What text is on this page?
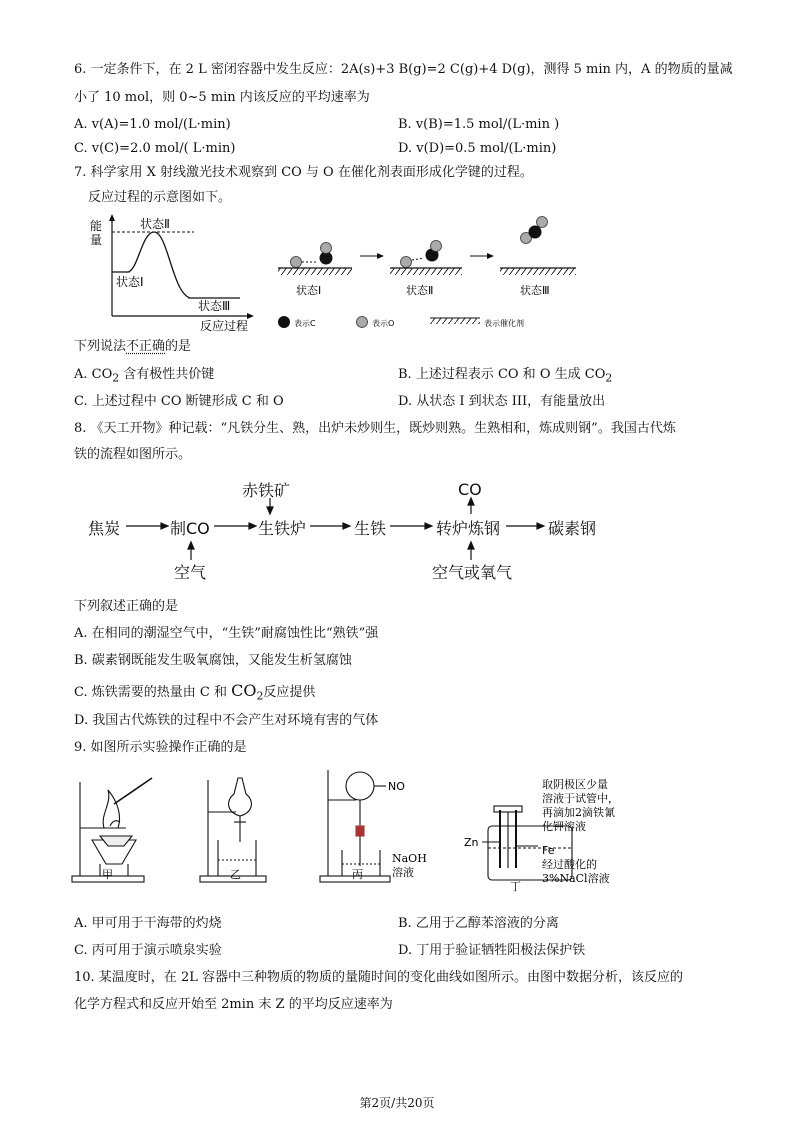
6. 一定条件下，在 2 L 密闭容器中发生反应：2A(s)+3 B(g)=2 C(g)+4 D(g)，测得 5 min 内，A 的物质的量减
小了 10 mol，则 0~5 min 内该反应的平均速率为
A. v(A)=1.0 mol/(L·min)	B. v(B)=1.5 mol/(L·min )
C. v(C)=2.0 mol/( L·min)	D. v(D)=0.5 mol/(L·min)
7. 科学家用 X 射线激光技术观察到 CO 与 O 在催化剂表面形成化学键的过程。
反应过程的示意图如下。
能
量
状态Ⅱ
状态Ⅰ
状态Ⅲ
反应过程
状态Ⅰ	状态Ⅱ	状态Ⅲ
表示C	表示O	表示催化剂
下列说法不正确的是
A. $CO_2$ 含有极性共价键	B. 上述过程表示 CO 和 O 生成 $CO_2$
C. 上述过程中 CO 断键形成 C 和 O	D. 从状态 I 到状态 III，有能量放出
8. 《天工开物》种记载：“凡铁分生、熟，出炉未炒则生，既炒则熟。生熟相和，炼成则钢”。我国古代炼
铁的流程如图所示。
焦炭	制CO	生铁炉	生铁	转炉炼钢	碳素钢
赤铁矿	CO
空气	空气或氧气
下列叙述正确的是
A. 在相同的潮湿空气中，“生铁”耐腐蚀性比“熟铁”强
B. 碳素钢既能发生吸氧腐蚀，又能发生析氢腐蚀
C. 炼铁需要的热量由 C 和 $CO_2$反应提供
D. 我国古代炼铁的过程中不会产生对环境有害的气体
9. 如图所示实验操作正确的是
甲	乙	丙
丁
NO
NaOH
溶液
取阴极区少量
溶液于试管中，
再滴加2滴铁氰
化钾溶液
Zn
Fe
经过酸化的
3%NaCl溶液
A. 甲可用于干海带的灼烧	B. 乙用于乙醇苯溶液的分离
C. 丙可用于演示喷泉实验	D. 丁用于验证牺牲阳极法保护铁
10. 某温度时，在 2L 容器中三种物质的物质的量随时间的变化曲线如图所示。由图中数据分析，该反应的
化学方程式和反应开始至 2min 末 Z 的平均反应速率为
第2页/共20页
